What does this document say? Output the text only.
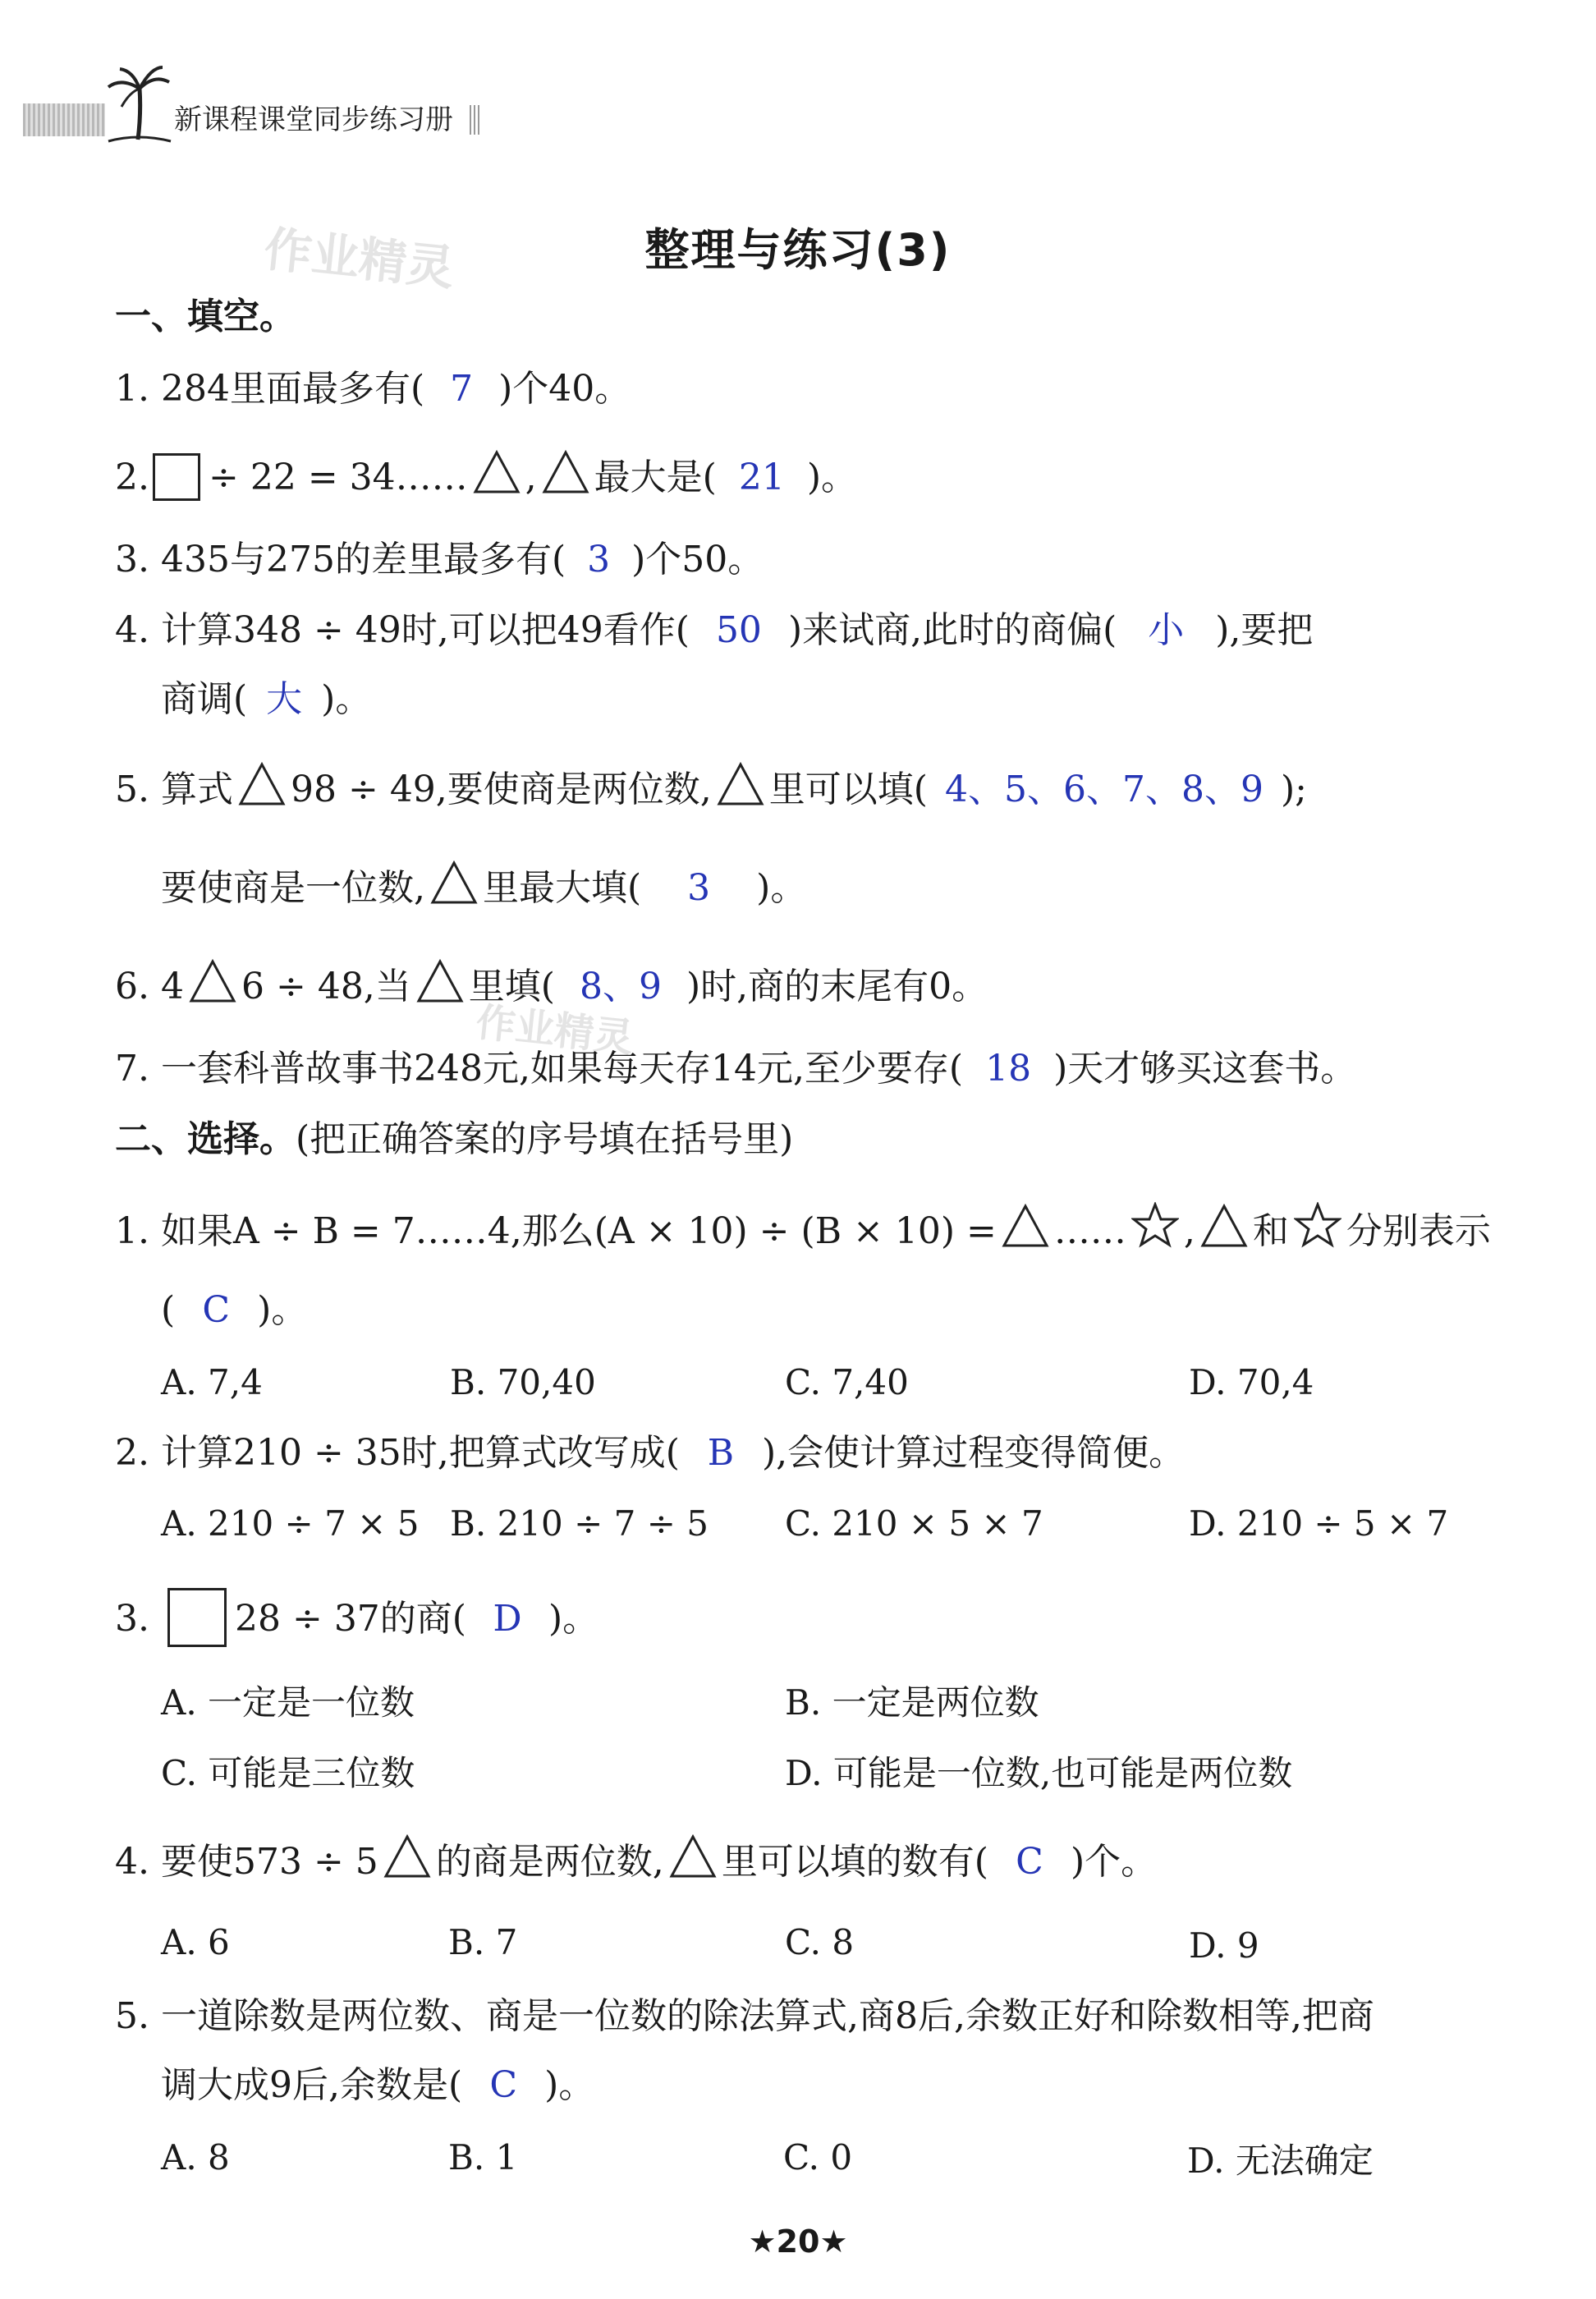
新课程课堂同步练习册
作业精灵
作业精灵
整理与练习(3)
一、填空。
1. 284里面最多有( 7 )个40。
2. ÷ 22 = 34…… , 最大是( 21 )。
3. 435与275的差里最多有( 3 )个50。
4. 计算348 ÷ 49时,可以把49看作( 50 )来试商,此时的商偏( 小 ),要把
商调( 大 )。
5. 算式 98 ÷ 49,要使商是两位数, 里可以填( 4、5、6、7、8、9 );
要使商是一位数, 里最大填( 3 )。
6. 4 6 ÷ 48,当 里填( 8、9 )时,商的末尾有0。
7. 一套科普故事书248元,如果每天存14元,至少要存( 18 )天才够买这套书。
二、选择。(把正确答案的序号填在括号里)
1. 如果A ÷ B = 7……4,那么(A × 10) ÷ (B × 10) = …… , 和 分别表示
( C )。
A. 7,4	B. 70,40	C. 7,40	D. 70,4
2. 计算210 ÷ 35时,把算式改写成( B ),会使计算过程变得简便。
A. 210 ÷ 7 × 5 B. 210 ÷ 7 ÷ 5 C. 210 × 5 × 7	D. 210 ÷ 5 × 7
3. 28 ÷ 37的商( D )。
A. 一定是一位数	B. 一定是两位数
C. 可能是三位数	D. 可能是一位数,也可能是两位数
4. 要使573 ÷ 5 的商是两位数, 里可以填的数有( C )个。
A. 6	B. 7	C. 8	D. 9
5. 一道除数是两位数、商是一位数的除法算式,商8后,余数正好和除数相等,把商
调大成9后,余数是( C )。
A. 8	B. 1	C. 0	D. 无法确定
★20★
